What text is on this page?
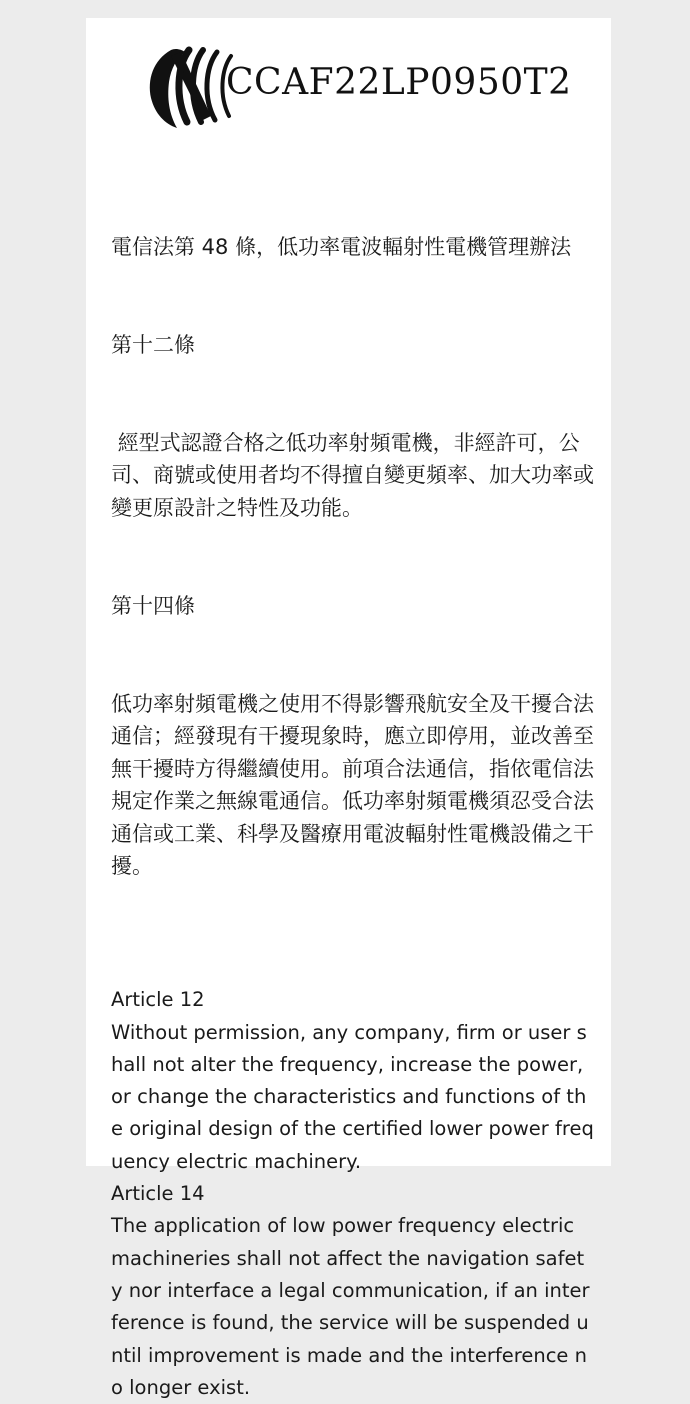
CCAF22LP0950T2

電信法第 48 條，低功率電波輻射性電機管理辦法

第十二條

經型式認證合格之低功率射頻電機，非經許可，公司、商號或使用者均不得擅自變更頻率、加大功率或變更原設計之特性及功能。

第十四條

低功率射頻電機之使用不得影響飛航安全及干擾合法通信；經發現有干擾現象時，應立即停用，並改善至無干擾時方得繼續使用。前項合法通信，指依電信法規定作業之無線電通信。低功率射頻電機須忍受合法通信或工業、科學及醫療用電波輻射性電機設備之干擾。

Article 12
Without permission, any company, firm or user shall not alter the frequency, increase the power, or change the characteristics and functions of the original design of the certified lower power frequency electric machinery.
Article 14
The application of low power frequency electric machineries shall not affect the navigation safety nor interface a legal communication, if an interference is found, the service will be suspended until improvement is made and the interference no longer exist.
